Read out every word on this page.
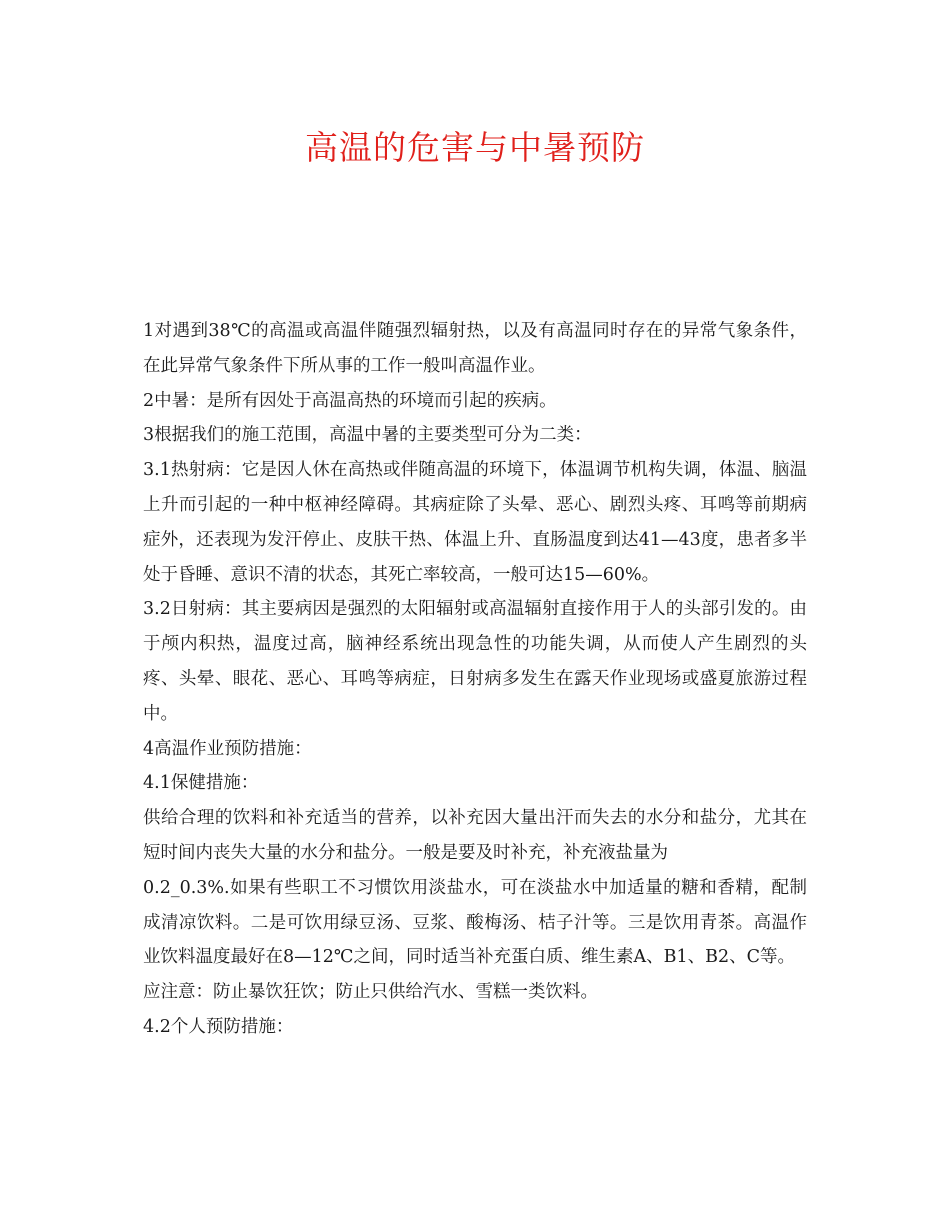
高温的危害与中暑预防

1对遇到38℃的高温或高温伴随强烈辐射热，以及有高温同时存在的异常气象条件，在此异常气象条件下所从事的工作一般叫高温作业。

2中暑：是所有因处于高温高热的环境而引起的疾病。

3根据我们的施工范围，高温中暑的主要类型可分为二类：

3.1热射病：它是因人休在高热或伴随高温的环境下，体温调节机构失调，体温、脑温上升而引起的一种中枢神经障碍。其病症除了头晕、恶心、剧烈头疼、耳鸣等前期病症外，还表现为发汗停止、皮肤干热、体温上升、直肠温度到达41—43度，患者多半处于昏睡、意识不清的状态，其死亡率较高，一般可达15—60%。

3.2日射病：其主要病因是强烈的太阳辐射或高温辐射直接作用于人的头部引发的。由于颅内积热，温度过高，脑神经系统出现急性的功能失调，从而使人产生剧烈的头疼、头晕、眼花、恶心、耳鸣等病症，日射病多发生在露天作业现场或盛夏旅游过程中。

4高温作业预防措施：

4.1保健措施：

供给合理的饮料和补充适当的营养，以补充因大量出汗而失去的水分和盐分，尤其在短时间内丧失大量的水分和盐分。一般是要及时补充，补充液盐量为

0.2_0.3%.如果有些职工不习惯饮用淡盐水，可在淡盐水中加适量的糖和香精，配制成清凉饮料。二是可饮用绿豆汤、豆浆、酸梅汤、桔子汁等。三是饮用青茶。高温作业饮料温度最好在8—12℃之间，同时适当补充蛋白质、维生素A、B1、B2、C等。

应注意：防止暴饮狂饮；防止只供给汽水、雪糕一类饮料。

4.2个人预防措施：
